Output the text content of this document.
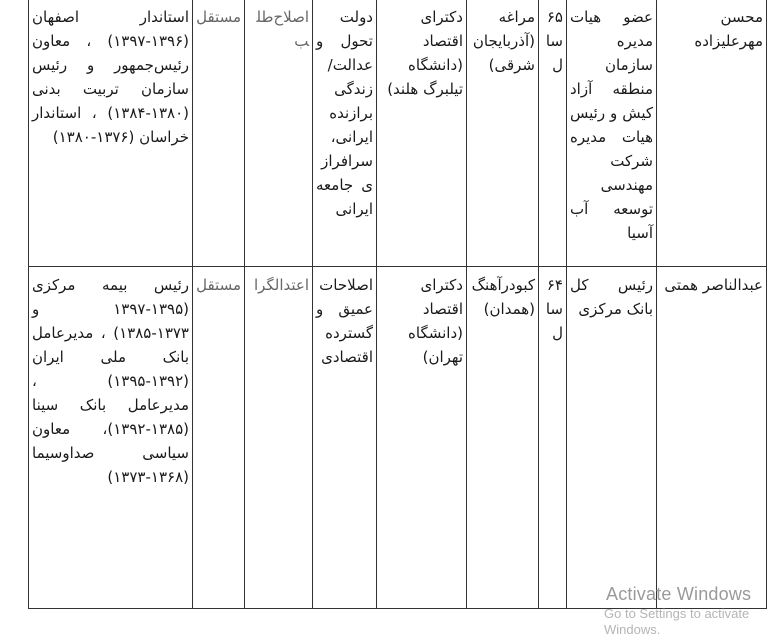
محسن مهرعلیزاده	عضو هیات مدیره سازمان منطقه آزاد کیش و رئیس هیات مدیره شرکت مهندسی توسعه آب آسیا	۶۵ سال	مراغه (آذربایجان شرقی)	دکترای اقتصاد (دانشگاه تیلبرگ هلند)	دولت تحول و عدالت/ زندگی برازنده ایرانی، سرافرازی جامعه ایرانی	اصلاح‌طلب	مستقل	استاندار اصفهان (۱۳۹۶-۱۳۹۷) ، معاون رئیس‌جمهور و رئیس سازمان تربیت بدنی (۱۳۸۰-۱۳۸۴) ، استاندار خراسان (۱۳۷۶-۱۳۸۰)
عبدالناصر همتی	رئیس کل بانک مرکزی	۶۴ سال	کبودرآهنگ (همدان)	دکترای اقتصاد (دانشگاه تهران)	اصلاحات عمیق و گسترده اقتصادی	اعتدالگرا	مستقل	رئیس بیمه مرکزی (۱۳۹۵-۱۳۹۷ و ۱۳۷۳-۱۳۸۵) ، مدیرعامل بانک ملی ایران (۱۳۹۲-۱۳۹۵) ، مدیرعامل بانک سینا (۱۳۸۵-۱۳۹۲)، معاون سیاسی صداوسیما (۱۳۶۸-۱۳۷۳)
Activate Windows
Go to Settings to activate Windows.
